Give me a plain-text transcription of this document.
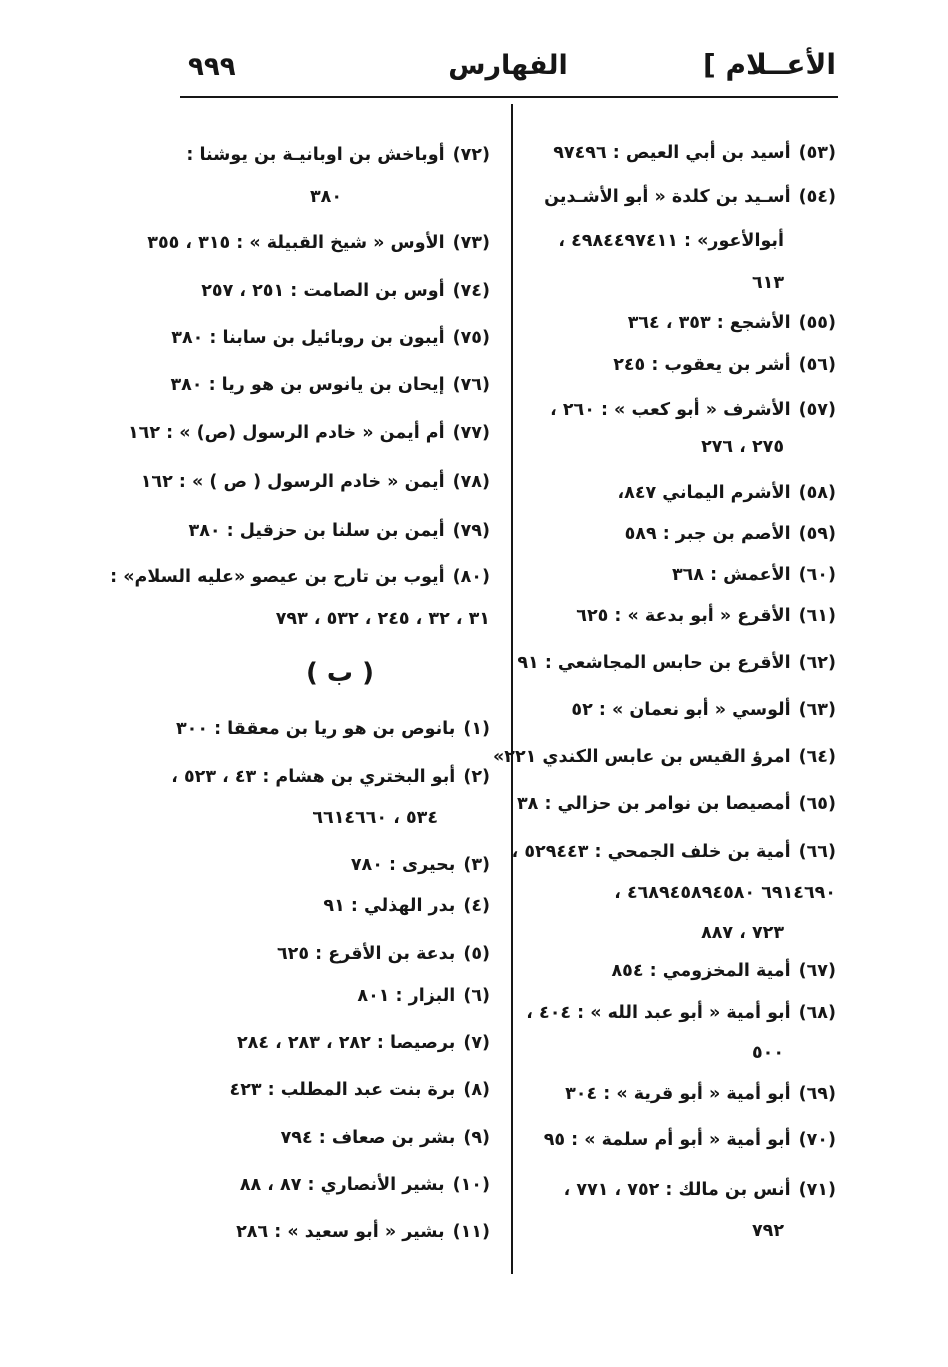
٩٩٩	الفهارس	الأعــلام ]
(٥٣)أسيد بن أبي العيص : ٩٧٤٩٦
(٥٤)أسـيد بن كلدة « أبو الأشـدين
أبوالأعور» : ٤٩٨٤٤٩٧٤١١ ،
٦١٣
(٥٥)الأشجع : ٣٥٣ ، ٣٦٤
(٥٦)أشر بن يعقوب : ٢٤٥
(٥٧)الأشرف « أبو كعب » : ٢٦٠ ،
٢٧٥ ، ٢٧٦
(٥٨)الأشرم اليماني ٨٤٧،
(٥٩)الأصم بن جبر : ٥٨٩
(٦٠)الأعمش : ٣٦٨
(٦١)الأقرع « أبو بدعة » : ٦٢٥
(٦٢)الأقرع بن حابس المجاشعي : ٩١
(٦٣)ألوسي « أبو نعمان » : ٥٢
(٦٤)امرؤ القيس بن عابس الكندي ٢٢١»
(٦٥)أمصيصا بن نوامر بن حزالي : ٣٨
(٦٦)أمية بن خلف الجمحي : ٥٢٩٤٤٣ ،
٦٩١٤٦٩٠ ٤٦٨٩٤٥٨٩٤٥٨٠ ،
٧٢٣ ، ٨٨٧
(٦٧)أمية المخزومي : ٨٥٤
(٦٨)أبو أمية « أبو عبد الله » : ٤٠٤ ،
٥٠٠
(٦٩)أبو أمية « أبو قرية » : ٣٠٤
(٧٠)أبو أمية « أبو أم سلمة » : ٩٥
(٧١)أنس بن مالك : ٧٥٢ ، ٧٧١ ،
٧٩٢
(٧٢)أوباخش بن اوبانيـة بن يوشنا :
٣٨٠
(٧٣)الأوس « شيخ القبيلة » : ٣١٥ ، ٣٥٥
(٧٤)أوس بن الصامت : ٢٥١ ، ٢٥٧
(٧٥)أيبون بن روبائيل بن سابنا : ٣٨٠
(٧٦)إيحان بن يانوس بن هو ريا : ٣٨٠
(٧٧)أم أيمن « خادم الرسول (ص) » : ١٦٢
(٧٨)أيمن « خادم الرسول ( ص ) » : ١٦٢
(٧٩)أيمن بن سلنا بن حزقيل : ٣٨٠
(٨٠)أيوب بن تارح بن عيصو «عليه السلام» :
٣١ ، ٣٢ ، ٢٤٥ ، ٥٣٢ ، ٧٩٣
( ب )
(١)بانوص بن هو ريا بن معققا : ٣٠٠
(٢)أبو البختري بن هشام : ٤٣ ، ٥٢٣ ،
٥٣٤ ، ٦٦١٤٦٦٠
(٣)بحيرى : ٧٨٠
(٤)بدر الهذلي : ٩١
(٥)بدعة بن الأقرع : ٦٢٥
(٦)البزار : ٨٠١
(٧)برصيصا : ٢٨٢ ، ٢٨٣ ، ٢٨٤
(٨)برة بنت عبد المطلب : ٤٢٣
(٩)بشر بن صعاف : ٧٩٤
(١٠)بشير الأنصاري : ٨٧ ، ٨٨
(١١)بشير « أبو سعيد » : ٢٨٦
